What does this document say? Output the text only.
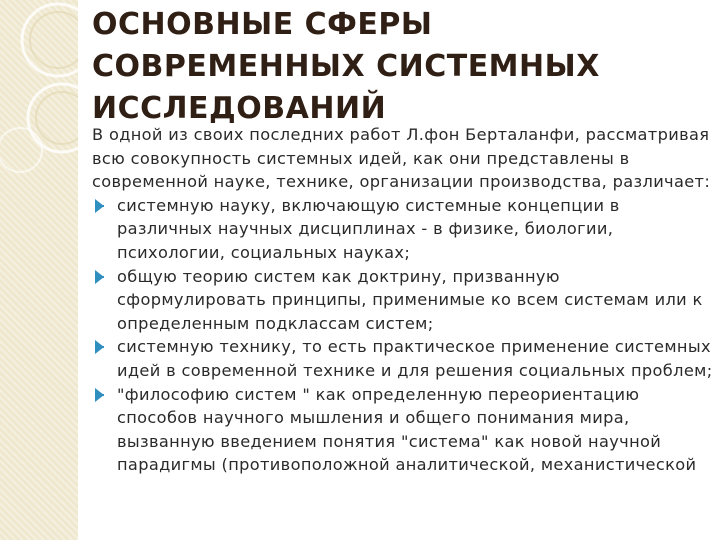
ОСНОВНЫЕ СФЕРЫ
СОВРЕМЕННЫХ СИСТЕМНЫХ
ИССЛЕДОВАНИЙ

В одной из своих последних работ Л.фон Берталанфи, рассматривая всю совокупность системных идей, как они представлены в современной науке, технике, организации производства, различает:

системную науку, включающую системные концепции в различных научных дисциплинах - в физике, биологии, психологии, социальных науках;
общую теорию систем как доктрину, призванную сформулировать принципы, применимые ко всем системам или к определенным подклассам систем;
системную технику, то есть практическое применение системных идей в современной технике и для решения социальных проблем;
"философию систем " как определенную переориентацию способов научного мышления и общего понимания мира, вызванную введением понятия "система" как новой научной парадигмы (противоположной аналитической, механистической
